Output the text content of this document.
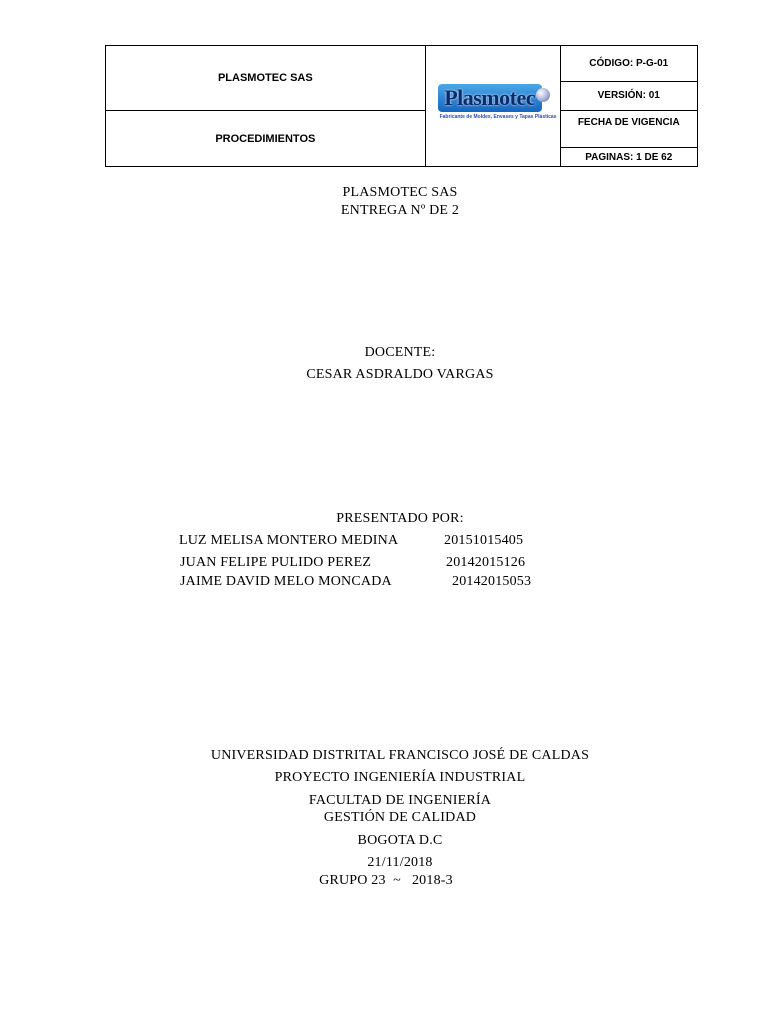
PLASMOTEC SAS	Plasmotec
Fabricante de Moldes, Envases y Tapas Plásticas	CÓDIGO: P-G-01
		VERSIÓN: 01
PROCEDIMIENTOS		FECHA DE VIGENCIA
		PAGINAS: 1 DE 62
PLASMOTEC SAS
ENTREGA Nº DE 2
DOCENTE:
CESAR ASDRALDO VARGAS
PRESENTADO POR:
LUZ MELISA MONTERO MEDINA	20151015405
JUAN FELIPE PULIDO PEREZ	20142015126
JAIME DAVID MELO MONCADA	20142015053
UNIVERSIDAD DISTRITAL FRANCISCO JOSÉ DE CALDAS
PROYECTO INGENIERÍA INDUSTRIAL
FACULTAD DE INGENIERÍA
GESTIÓN DE CALIDAD
BOGOTA D.C
21/11/2018
GRUPO 23  ~   2018-3
